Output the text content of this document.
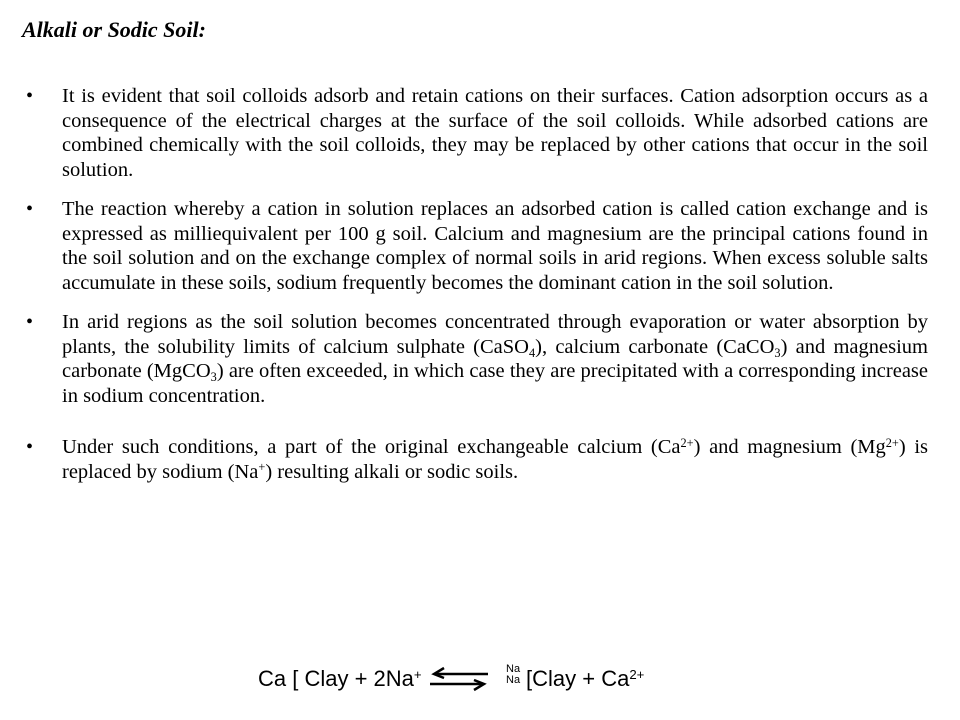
Alkali or Sodic Soil:
• It is evident that soil colloids adsorb and retain cations on their surfaces. Cation adsorption occurs as a consequence of the electrical charges at the surface of the soil colloids. While adsorbed cations are combined chemically with the soil colloids, they may be replaced by other cations that occur in the soil solution.
• The reaction whereby a cation in solution replaces an adsorbed cation is called cation exchange and is expressed as milliequivalent per 100 g soil. Calcium and magnesium are the principal cations found in the soil solution and on the exchange complex of normal soils in arid regions. When excess soluble salts accumulate in these soils, sodium frequently becomes the dominant cation in the soil solution.
• In arid regions as the soil solution becomes concentrated through evaporation or water absorption by plants, the solubility limits of calcium sulphate (CaSO$_4$), calcium carbonate (CaCO$_3$) and magnesium carbonate (MgCO$_3$) are often exceeded, in which case they are precipitated with a corresponding increase in sodium concentration.
• Under such conditions, a part of the original exchangeable calcium $(Ca^{2+})$ and magnesium $(Mg^{2+})$ is replaced by sodium (Na+) resulting alkali or sodic soils.
Ca [ Clay + 2Na+ ⇌ Na
Na [Clay + $Ca^{2+}$
